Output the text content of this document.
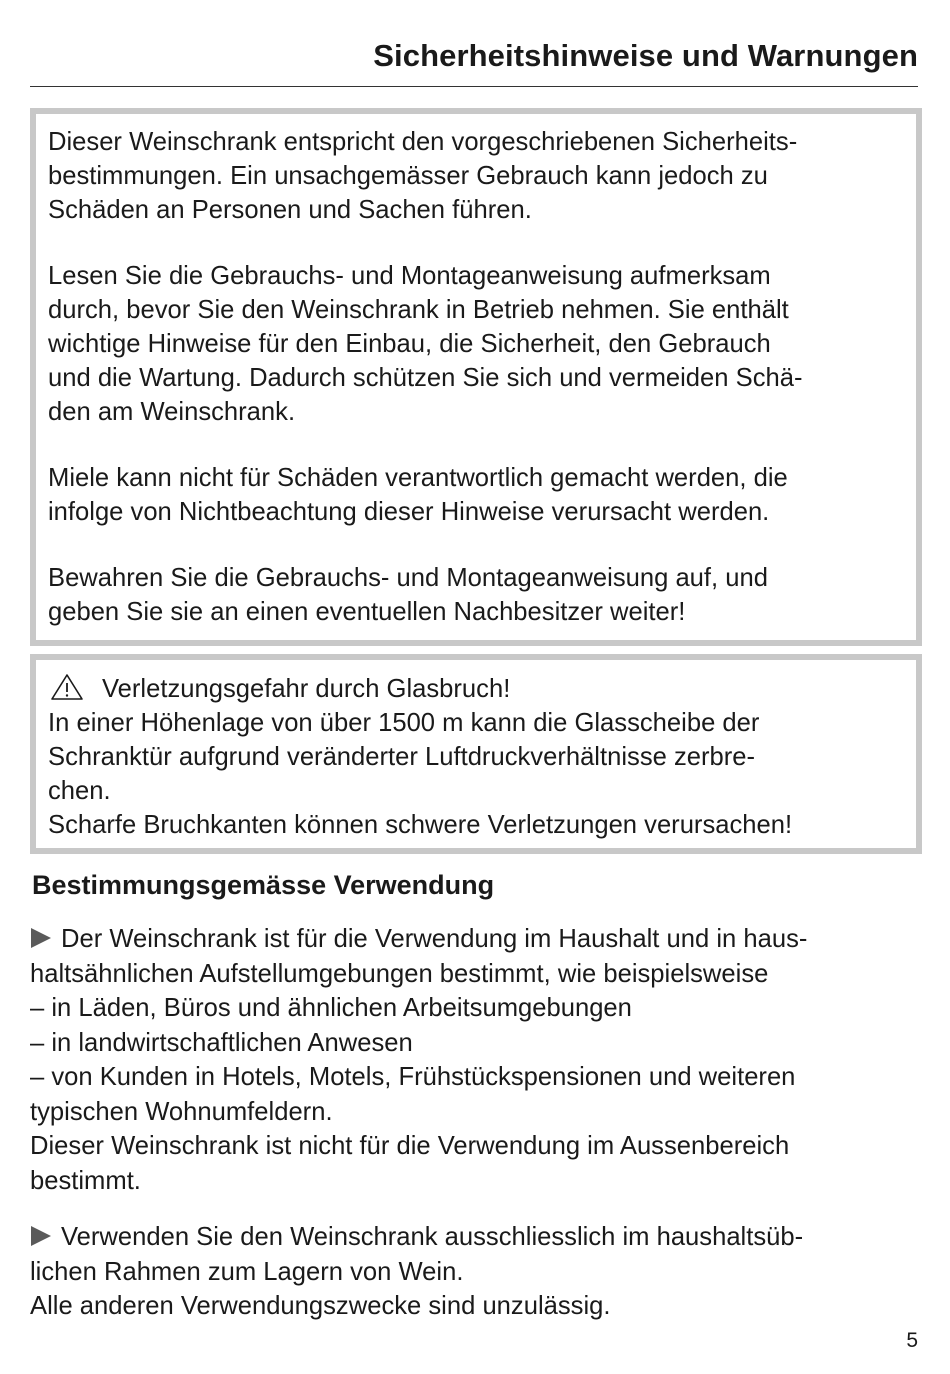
Sicherheitshinweise und Warnungen
Dieser Weinschrank entspricht den vorgeschriebenen Sicherheits-
bestimmungen. Ein unsachgemässer Gebrauch kann jedoch zu
Schäden an Personen und Sachen führen.
Lesen Sie die Gebrauchs- und Montageanweisung aufmerksam
durch, bevor Sie den Weinschrank in Betrieb nehmen. Sie enthält
wichtige Hinweise für den Einbau, die Sicherheit, den Gebrauch
und die Wartung. Dadurch schützen Sie sich und vermeiden Schä-
den am Weinschrank.
Miele kann nicht für Schäden verantwortlich gemacht werden, die
infolge von Nichtbeachtung dieser Hinweise verursacht werden.
Bewahren Sie die Gebrauchs- und Montageanweisung auf, und
geben Sie sie an einen eventuellen Nachbesitzer weiter!
Verletzungsgefahr durch Glasbruch!
In einer Höhenlage von über 1500 m kann die Glasscheibe der
Schranktür aufgrund veränderter Luftdruckverhältnisse zerbre-
chen.
Scharfe Bruchkanten können schwere Verletzungen verursachen!
Bestimmungsgemässe Verwendung
Der Weinschrank ist für die Verwendung im Haushalt und in haus-
haltsähnlichen Aufstellumgebungen bestimmt, wie beispielsweise
– in Läden, Büros und ähnlichen Arbeitsumgebungen
– in landwirtschaftlichen Anwesen
– von Kunden in Hotels, Motels, Frühstückspensionen und weiteren
typischen Wohnumfeldern.
Dieser Weinschrank ist nicht für die Verwendung im Aussenbereich
bestimmt.
Verwenden Sie den Weinschrank ausschliesslich im haushaltsüb-
lichen Rahmen zum Lagern von Wein.
Alle anderen Verwendungszwecke sind unzulässig.
5
